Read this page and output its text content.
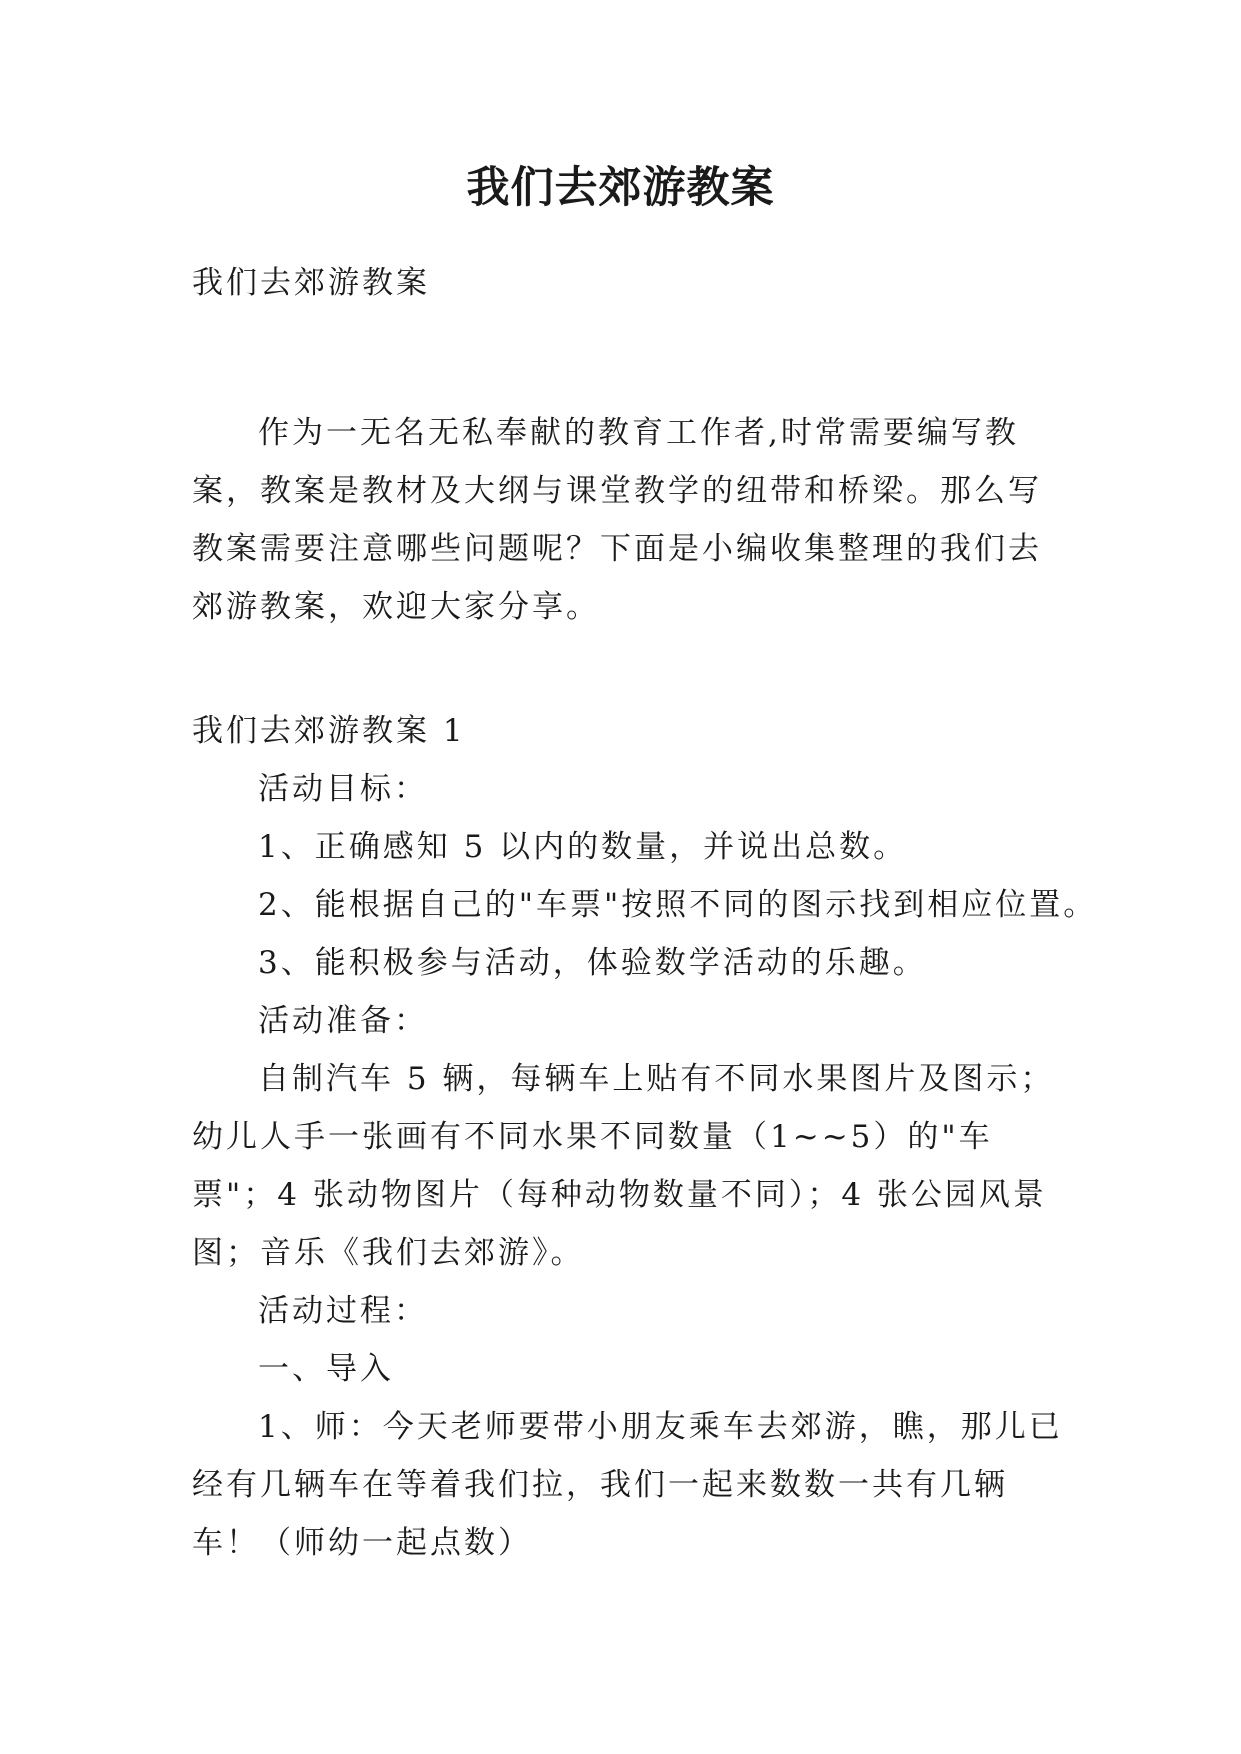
我们去郊游教案

我们去郊游教案

作为一无名无私奉献的教育工作者,时常需要编写教案，教案是教材及大纲与课堂教学的纽带和桥梁。那么写教案需要注意哪些问题呢？下面是小编收集整理的我们去郊游教案，欢迎大家分享。

我们去郊游教案 1

活动目标：

1、正确感知 5 以内的数量，并说出总数。

2、能根据自己的"车票"按照不同的图示找到相应位置。

3、能积极参与活动，体验数学活动的乐趣。

活动准备：

自制汽车 5 辆，每辆车上贴有不同水果图片及图示；幼儿人手一张画有不同水果不同数量（1~~5）的"车票"；4 张动物图片（每种动物数量不同）；4 张公园风景图；音乐《我们去郊游》。

活动过程：

一、导入

1、师：今天老师要带小朋友乘车去郊游，瞧，那儿已经有几辆车在等着我们拉，我们一起来数数一共有几辆车！（师幼一起点数）
